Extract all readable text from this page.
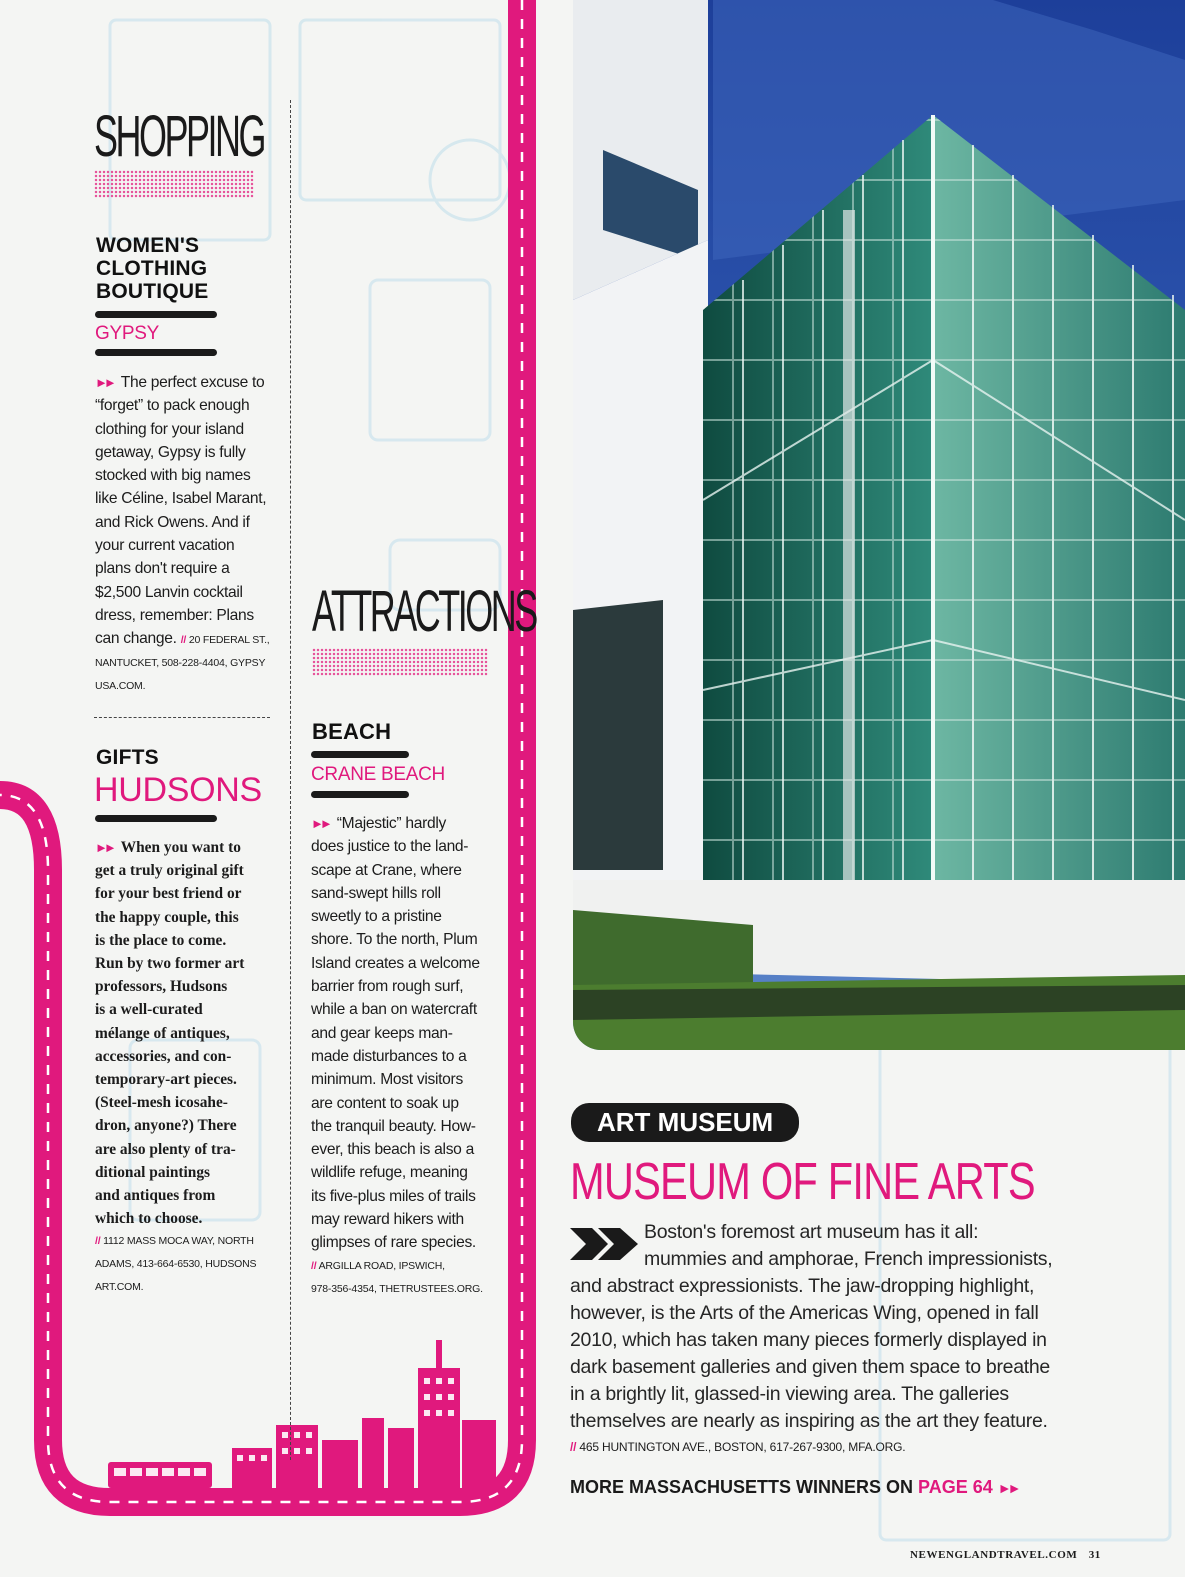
SHOPPING
WOMEN'S
CLOTHING
BOUTIQUE
GYPSY
►► The perfect excuse to
“forget” to pack enough
clothing for your island
getaway, Gypsy is fully
stocked with big names
like Céline, Isabel Marant,
and Rick Owens. And if
your current vacation
plans don't require a
$2,500 Lanvin cocktail
dress, remember: Plans
can change. // 20 FEDERAL ST.,
NANTUCKET, 508-228-4404, GYPSY
USA.COM.
GIFTS
HUDSONS
►► When you want to
get a truly original gift
for your best friend or
the happy couple, this
is the place to come.
Run by two former art
professors, Hudsons
is a well-curated
mélange of antiques,
accessories, and con-
temporary-art pieces.
(Steel-mesh icosahe-
dron, anyone?) There
are also plenty of tra-
ditional paintings
and antiques from
which to choose.
// 1112 MASS MOCA WAY, NORTH
ADAMS, 413-664-6530, HUDSONS
ART.COM.
ATTRACTIONS
BEACH
CRANE BEACH
►► “Majestic” hardly
does justice to the land-
scape at Crane, where
sand-swept hills roll
sweetly to a pristine
shore. To the north, Plum
Island creates a welcome
barrier from rough surf,
while a ban on watercraft
and gear keeps man-
made disturbances to a
minimum. Most visitors
are content to soak up
the tranquil beauty. How-
ever, this beach is also a
wildlife refuge, meaning
its five-plus miles of trails
may reward hikers with
glimpses of rare species.
// ARGILLA ROAD, IPSWICH,
978-356-4354, THETRUSTEES.ORG.
ART MUSEUM
MUSEUM OF FINE ARTS
Boston's foremost art museum has it all:
mummies and amphorae, French impressionists,
and abstract expressionists. The jaw-dropping highlight,
however, is the Arts of the Americas Wing, opened in fall
2010, which has taken many pieces formerly displayed in
dark basement galleries and given them space to breathe
in a brightly lit, glassed-in viewing area. The galleries
themselves are nearly as inspiring as the art they feature.
// 465 HUNTINGTON AVE., BOSTON, 617-267-9300, MFA.ORG.
MORE MASSACHUSETTS WINNERS ON PAGE 64 ►►
NEWENGLANDTRAVEL.COM 31
